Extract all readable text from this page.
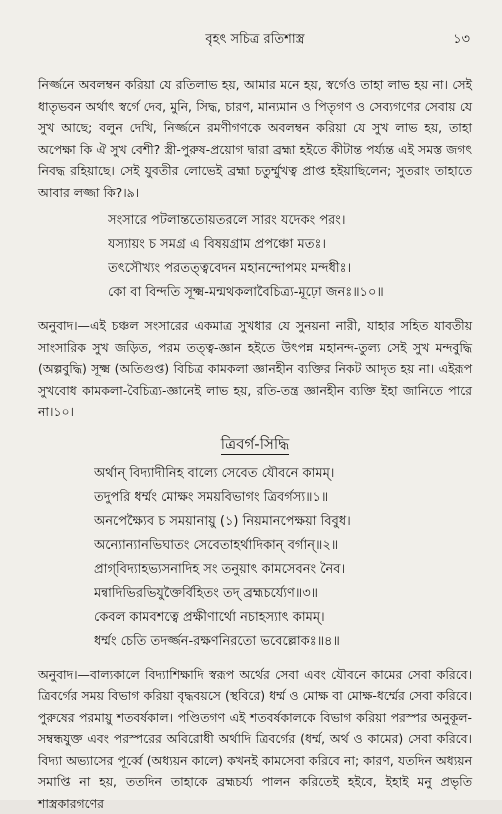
বৃহৎ সচিত্র রতিশাস্ত্র	১৩

নির্জ্জনে অবলম্বন করিয়া যে রতিলাভ হয়, আমার মনে হয়, স্বর্গেও তাহা লাভ হয় না। সেই ধাতৃভবন অর্থাৎ স্বর্গে দেব, মুনি, সিদ্ধ, চারণ, মান্যমান ও পিতৃগণ ও সেব্যগণের সেবায় যে সুখ আছে; বলুন দেখি, নির্জ্জনে রমণীগণকে অবলম্বন করিয়া যে সুখ লাভ হয়, তাহা অপেক্ষা কি ঐ সুখ বেশী? স্ত্রী-পুরুষ-প্রয়োগ দ্বারা ব্রহ্মা হইতে কীটান্ত পর্য্যন্ত এই সমস্ত জগৎ নিবদ্ধ রহিয়াছে। সেই যুবতীর লোভেই ব্রহ্মা চতুর্ম্মুখত্ব প্রাপ্ত হইয়াছিলেন; সুতরাং তাহাতে আবার লজ্জা কি?।৯।

সংসারে পটলান্ততোয়তরলে সারং যদেকং পরং।
যস্যায়ং চ সমগ্র এ বিষয়গ্রাম প্রপঞ্চো মতঃ।
তৎসৌখ্যং পরতত্ত্ববেদন মহানন্দোপমং মন্দধীঃ।
কো বা বিন্দতি সূক্ষ্ম-মন্মথকলাবৈচিত্র্য-মূঢ়ো জনঃ॥১০॥

অনুবাদ।—এই চঞ্চল সংসারের একমাত্র সুখধার যে সুনয়না নারী, যাহার সহিত যাবতীয় সাংসারিক সুখ জড়িত, পরম তত্ত্ব-জ্ঞান হইতে উৎপন্ন মহানন্দ-তুল্য সেই সুখ মন্দবুদ্ধি (অল্পবুদ্ধি) সূক্ষ্ম (অতিগুপ্ত) বিচিত্র কামকলা জ্ঞানহীন ব্যক্তির নিকট আদৃত হয় না। এইরূপ সুখবোধ কামকলা-বৈচিত্র্য-জ্ঞানেই লাভ হয়, রতি-তন্ত্র জ্ঞানহীন ব্যক্তি ইহা জানিতে পারে না।১০।

ত্রিবর্গ-সিদ্ধি
অর্থান্ বিদ্যাদীনিহ বাল্যে সেবেত যৌবনে কামম্।
তদুপরি ধর্ম্মং মোক্ষং সময়বিভাগং ত্রিবর্গস্য॥১॥
অনপেক্ষ্যৈব চ সময়ানায়ু (১) নিয়মানপেক্ষয়া বিবুধ।
অন্যোন্যানভিঘাতং সেবেতাহর্থাদিকান্ বর্গান্॥২॥
প্রাগ্‌বিদ্যাহভ্যসনাদিহ সং তনুয়াৎ কামসেবনং নৈব।
মন্বাদিভিরভিযুক্তৈর্বিহিতং তদ্ ব্রহ্মচর্য্যেণ॥৩॥
কেবল কামবশত্বে প্রক্ষীণার্থো নচাহস্যাৎ কামম্।
ধর্ম্মং চেতি তদর্জ্জন-রক্ষণনিরতো ভবেল্লোকঃ॥৪॥

অনুবাদ।—বাল্যকালে বিদ্যাশিক্ষাদি স্বরূপ অর্থের সেবা এবং যৌবনে কামের সেবা করিবে। ত্রিবর্গের সময় বিভাগ করিয়া বৃদ্ধবয়সে (স্থবিরে) ধর্ম্ম ও মোক্ষ বা মোক্ষ-ধর্ম্মের সেবা করিবে। পুরুষের পরমায়ু শতবর্ষকাল। পণ্ডিতগণ এই শতবর্ষকালকে বিভাগ করিয়া পরস্পর অনুকূল-সম্বন্ধযুক্ত এবং পরস্পরের অবিরোধী অর্থাদি ত্রিবর্গের (ধর্ম্ম, অর্থ ও কামের) সেবা করিবে। বিদ্যা অভ্যাসের পূর্ব্বে (অধ্যয়ন কালে) কখনই কামসেবা করিবে না; কারণ, যতদিন অধ্যয়ন সমাপ্তি না হয়, ততদিন তাহাকে ব্রহ্মচর্য্য পালন করিতেই হইবে, ইহাই মনু প্রভৃতি শাস্ত্রকারগণের
